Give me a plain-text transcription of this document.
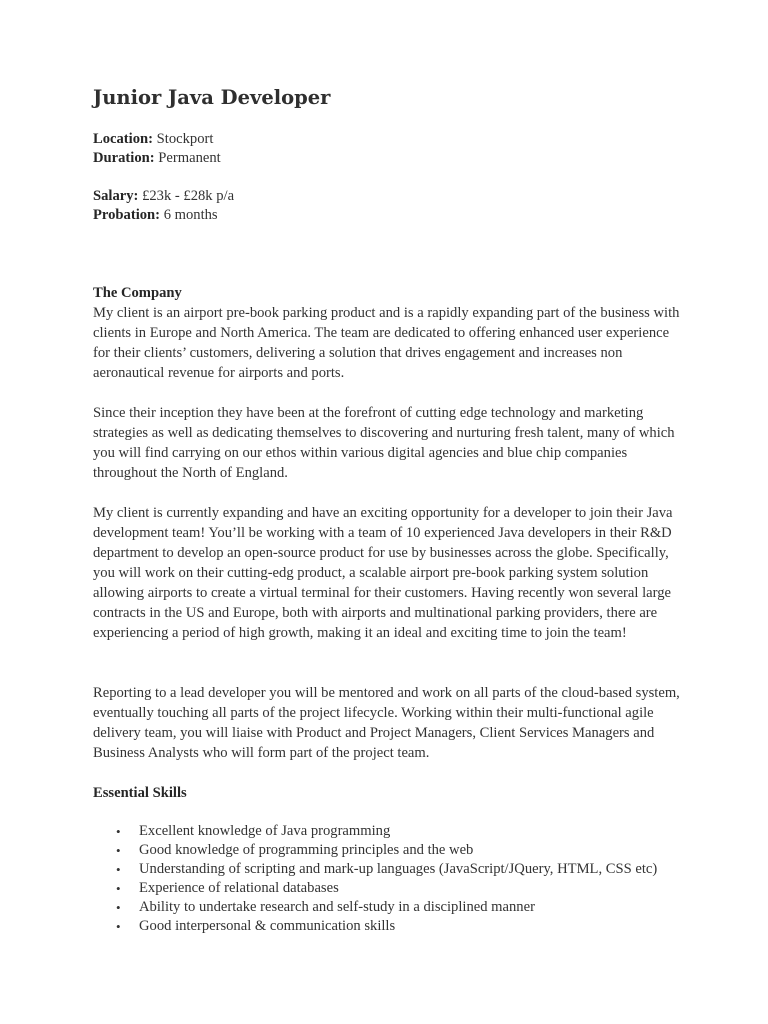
Junior Java Developer
Location: Stockport
Duration: Permanent
Salary: £23k - £28k p/a
Probation: 6 months
The Company

My client is an airport pre-book parking product and is a rapidly expanding part of the business with clients in Europe and North America. The team are dedicated to offering enhanced user experience for their clients’ customers, delivering a solution that drives engagement and increases non aeronautical revenue for airports and ports.

Since their inception they have been at the forefront of cutting edge technology and marketing strategies as well as dedicating themselves to discovering and nurturing fresh talent, many of which you will find carrying on our ethos within various digital agencies and blue chip companies throughout the North of England.

My client is currently expanding and have an exciting opportunity for a developer to join their Java development team! You’ll be working with a team of 10 experienced Java developers in their R&D department to develop an open-source product for use by businesses across the globe. Specifically, you will work on their cutting-edg product, a scalable airport pre-book parking system solution allowing airports to create a virtual terminal for their customers. Having recently won several large contracts in the US and Europe, both with airports and multinational parking providers, there are experiencing a period of high growth, making it an ideal and exciting time to join the team!

Reporting to a lead developer you will be mentored and work on all parts of the cloud-based system, eventually touching all parts of the project lifecycle. Working within their multi-functional agile delivery team, you will liaise with Product and Project Managers, Client Services Managers and Business Analysts who will form part of the project team.

Essential Skills
• Excellent knowledge of Java programming
• Good knowledge of programming principles and the web
• Understanding of scripting and mark-up languages (JavaScript/JQuery, HTML, CSS etc)
• Experience of relational databases
• Ability to undertake research and self-study in a disciplined manner
• Good interpersonal & communication skills
